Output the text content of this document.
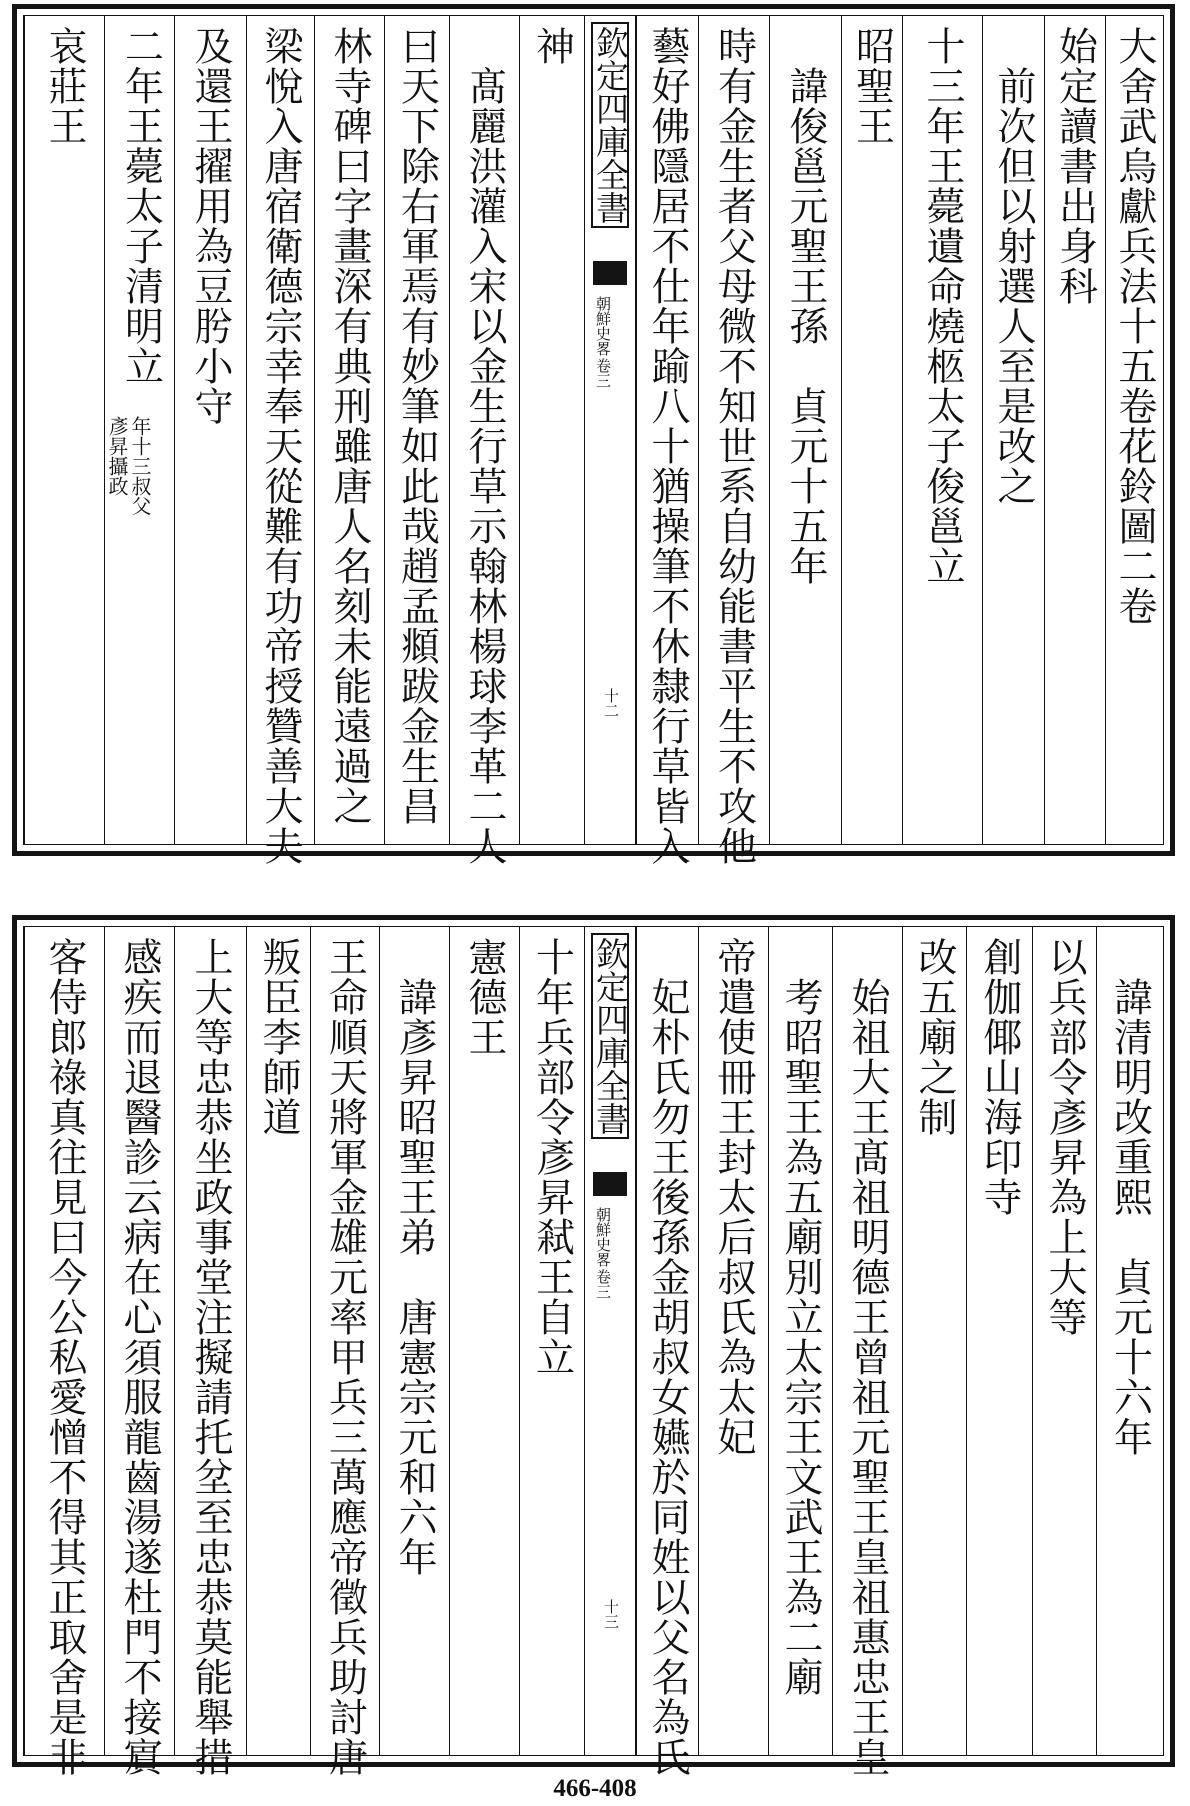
大舍武烏獻兵法十五卷花鈴圖二卷
始定讀書出身科
　前次但以射選人至是改之
十三年王薨遺命燒柩太子俊邕立
昭聖王
　諱俊邕元聖王孫　貞元十五年
時有金生者父母微不知世系自幼能書平生不攻他
藝好佛隱居不仕年踰八十猶操筆不休隸行草皆入
欽定四庫全書
朝鮮史畧
卷三
十二
神
　髙麗洪灌入宋以金生行草示翰林楊球李革二人
曰天下除右軍焉有妙筆如此哉趙孟頫跋金生昌
林寺碑曰字畫深有典刑雖唐人名刻未能遠過之
梁悅入唐宿衛德宗幸奉天從難有功帝授贊善大夫
及還王擢用為豆肹小守
二年王薨太子清明立
年十三叔父
彥昇攝政
哀莊王
　諱清明改重熙　貞元十六年
以兵部令彥昇為上大等
創伽倻山海印寺
改五廟之制
　始祖大王髙祖明德王曾祖元聖王皇祖惠忠王皇
　考昭聖王為五廟別立太宗王文武王為二廟
帝遣使冊王封太后叔氏為太妃
　妃朴氏勿王後孫金胡叔女嬿於同姓以父名為氏
欽定四庫全書
朝鮮史畧
卷三
十三
十年兵部令彥昇弒王自立
憲德王
　諱彥昇昭聖王弟　唐憲宗元和六年
王命順天將軍金雄元率甲兵三萬應帝徵兵助討唐
叛臣李師道
上大等忠恭坐政事堂注擬請托坌至忠恭莫能舉措
感疾而退醫診云病在心須服龍齒湯遂杜門不接賔
客侍郎祿真往見曰今公私愛憎不得其正取舍是非
466-408
